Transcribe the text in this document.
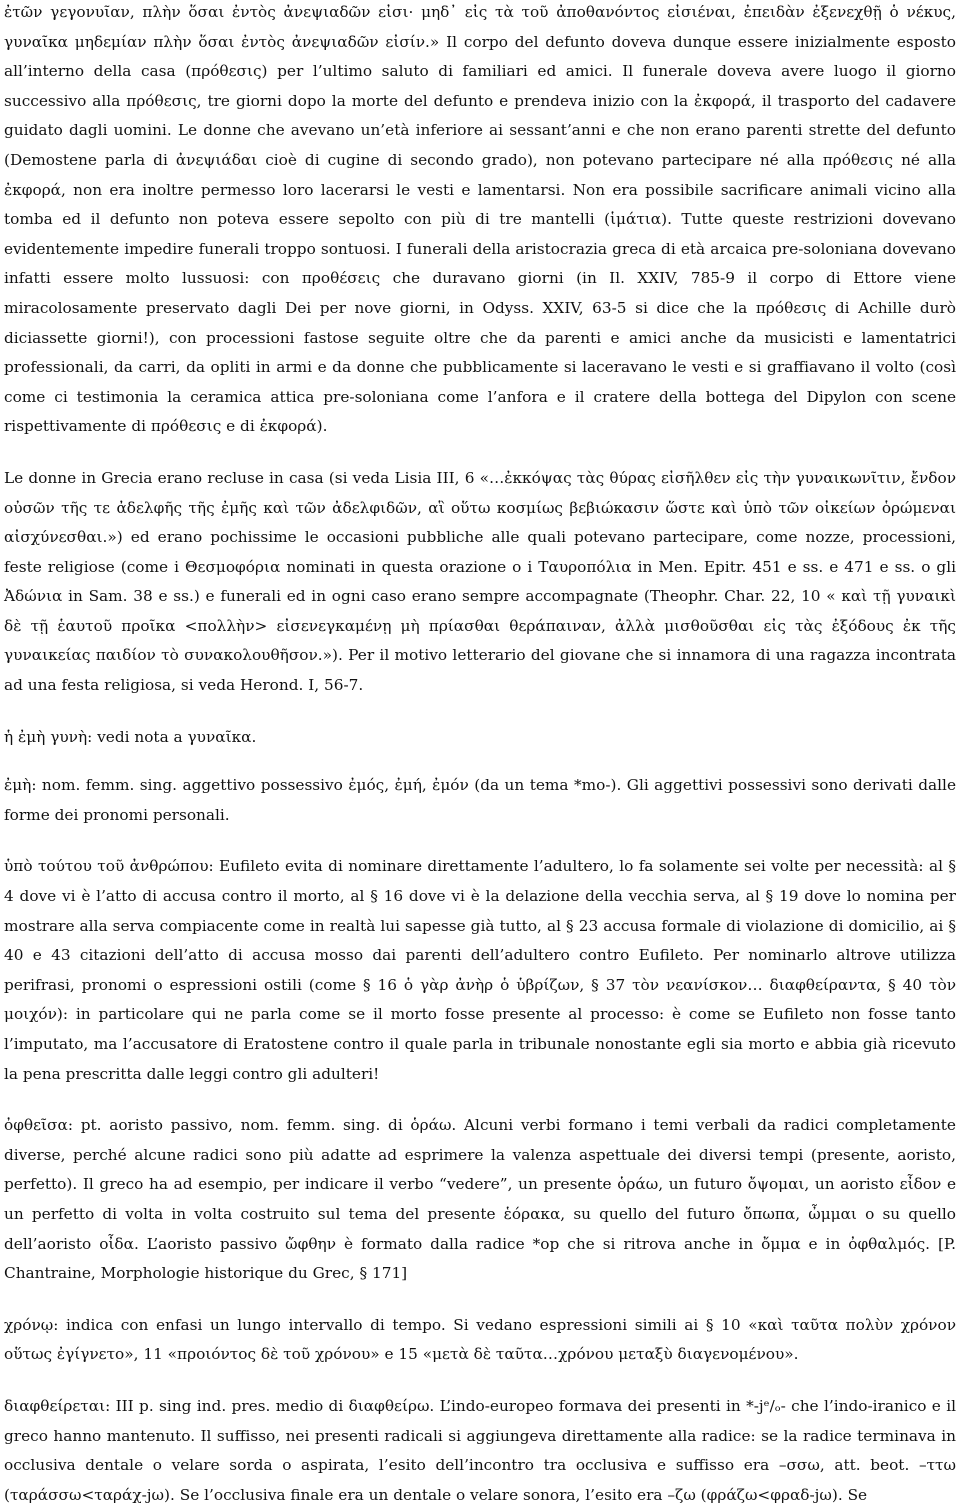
ἐτῶν γεγονυῖαν, πλὴν ὅσαι ἐντὸς ἀνεψιαδῶν εἰσι· μηδ᾽ εἰς τὰ τοῦ ἀποθανόντος εἰσιέναι, ἐπειδὰν ἐξενεχθῇ ὁ νέκυς, γυναῖκα μηδεμίαν πλὴν ὅσαι ἐντὸς ἀνεψιαδῶν εἰσίν.» Il corpo del defunto doveva dunque essere inizialmente esposto all’interno della casa (πρόθεσις) per l’ultimo saluto di familiari ed amici. Il funerale doveva avere luogo il giorno successivo alla πρόθεσις, tre giorni dopo la morte del defunto e prendeva inizio con la ἐκφορά, il trasporto del cadavere guidato dagli uomini. Le donne che avevano un’età inferiore ai sessant’anni e che non erano parenti strette del defunto (Demostene parla di ἀνεψιάδαι cioè di cugine di secondo grado), non potevano partecipare né alla πρόθεσις né alla ἐκφορά, non era inoltre permesso loro lacerarsi le vesti e lamentarsi. Non era possibile sacrificare animali vicino alla tomba ed il defunto non poteva essere sepolto con più di tre mantelli (ἱμάτια). Tutte queste restrizioni dovevano evidentemente impedire funerali troppo sontuosi. I funerali della aristocrazia greca di età arcaica pre-soloniana dovevano infatti essere molto lussuosi: con προθέσεις che duravano giorni (in Il. XXIV, 785-9 il corpo di Ettore viene miracolosamente preservato dagli Dei per nove giorni, in Odyss. XXIV, 63-5 si dice che la πρόθεσις di Achille durò diciassette giorni!), con processioni fastose seguite oltre che da parenti e amici anche da musicisti e lamentatrici professionali, da carri, da opliti in armi e da donne che pubblicamente si laceravano le vesti e si graffiavano il volto (così come ci testimonia la ceramica attica pre-soloniana come l’anfora e il cratere della bottega del Dipylon con scene rispettivamente di πρόθεσις e di ἐκφορά).

Le donne in Grecia erano recluse in casa (si veda Lisia III, 6 «…ἐκκόψας τὰς θύρας εἰσῆλθεν εἰς τὴν γυναικωνῖτιν, ἔνδον οὐσῶν τῆς τε ἀδελφῆς τῆς ἐμῆς καὶ τῶν ἀδελφιδῶν, αἳ οὕτω κοσμίως βεβιώκασιν ὥστε καὶ ὑπὸ τῶν οἰκείων ὁρώμεναι αἰσχύνεσθαι.») ed erano pochissime le occasioni pubbliche alle quali potevano partecipare, come nozze, processioni, feste religiose (come i Θεσμοφόρια nominati in questa orazione o i Ταυροπόλια in Men. Epitr. 451 e ss. e 471 e ss. o gli Ἀδώνια in Sam. 38 e ss.) e funerali ed in ogni caso erano sempre accompagnate (Theophr. Char. 22, 10 « καὶ τῇ γυναικὶ δὲ τῇ ἑαυτοῦ προῖκα <πολλὴν> εἰσενεγκαμένῃ μὴ πρίασθαι θεράπαιναν, ἀλλὰ μισθοῦσθαι εἰς τὰς ἐξόδους ἐκ τῆς γυναικείας παιδίον τὸ συνακολουθῆσον.»). Per il motivo letterario del giovane che si innamora di una ragazza incontrata ad una festa religiosa, si veda Herond. I, 56-7.

ἡ ἐμὴ γυνὴ: vedi nota a γυναῖκα.

ἐμὴ: nom. femm. sing. aggettivo possessivo ἐμός, ἐμή, ἐμόν (da un tema *mo-). Gli aggettivi possessivi sono derivati dalle forme dei pronomi personali.

ὑπὸ τούτου τοῦ ἀνθρώπου: Eufileto evita di nominare direttamente l’adultero, lo fa solamente sei volte per necessità: al § 4 dove vi è l’atto di accusa contro il morto, al § 16 dove vi è la delazione della vecchia serva, al § 19 dove lo nomina per mostrare alla serva compiacente come in realtà lui sapesse già tutto, al § 23 accusa formale di violazione di domicilio, ai § 40 e 43 citazioni dell’atto di accusa mosso dai parenti dell’adultero contro Eufileto. Per nominarlo altrove utilizza perifrasi, pronomi o espressioni ostili (come § 16 ὁ γὰρ ἀνὴρ ὁ ὑβρίζων, § 37 τὸν νεανίσκον… διαφθείραντα, § 40 τὸν μοιχόν): in particolare qui ne parla come se il morto fosse presente al processo: è come se Eufileto non fosse tanto l’imputato, ma l’accusatore di Eratostene contro il quale parla in tribunale nonostante egli sia morto e abbia già ricevuto la pena prescritta dalle leggi contro gli adulteri!

ὀφθεῖσα: pt. aoristo passivo, nom. femm. sing. di ὁράω. Alcuni verbi formano i temi verbali da radici completamente diverse, perché alcune radici sono più adatte ad esprimere la valenza aspettuale dei diversi tempi (presente, aoristo, perfetto). Il greco ha ad esempio, per indicare il verbo “vedere”, un presente ὁράω, un futuro ὄψομαι, un aoristo εἶδον e un perfetto di volta in volta costruito sul tema del presente ἑόρακα, su quello del futuro ὄπωπα, ὦμμαι o su quello dell’aoristo οἶδα. L’aoristo passivo ὤφθην è formato dalla radice *op che si ritrova anche in ὄμμα e in ὀφθαλμός. [P. Chantraine, Morphologie historique du Grec, § 171]

χρόνῳ: indica con enfasi un lungo intervallo di tempo. Si vedano espressioni simili ai § 10 «καὶ ταῦτα πολὺν χρόνον οὕτως ἐγίγνετο», 11 «προιόντος δὲ τοῦ χρόνου» e 15 «μετὰ δὲ ταῦτα…χρόνου μεταξὺ διαγενομένου».

διαφθείρεται: III p. sing ind. pres. medio di διαφθείρω. L’indo-europeo formava dei presenti in *-jᵉ/ₒ- che l’indo-iranico e il greco hanno mantenuto. Il suffisso, nei presenti radicali si aggiungeva direttamente alla radice: se la radice terminava in occlusiva dentale o velare sorda o aspirata, l’esito dell’incontro tra occlusiva e suffisso era –σσω, att. beot. –ττω (ταράσσω<ταράχ-jω). Se l’occlusiva finale era un dentale o velare sonora, l’esito era –ζω (φράζω<φραδ-jω). Se
